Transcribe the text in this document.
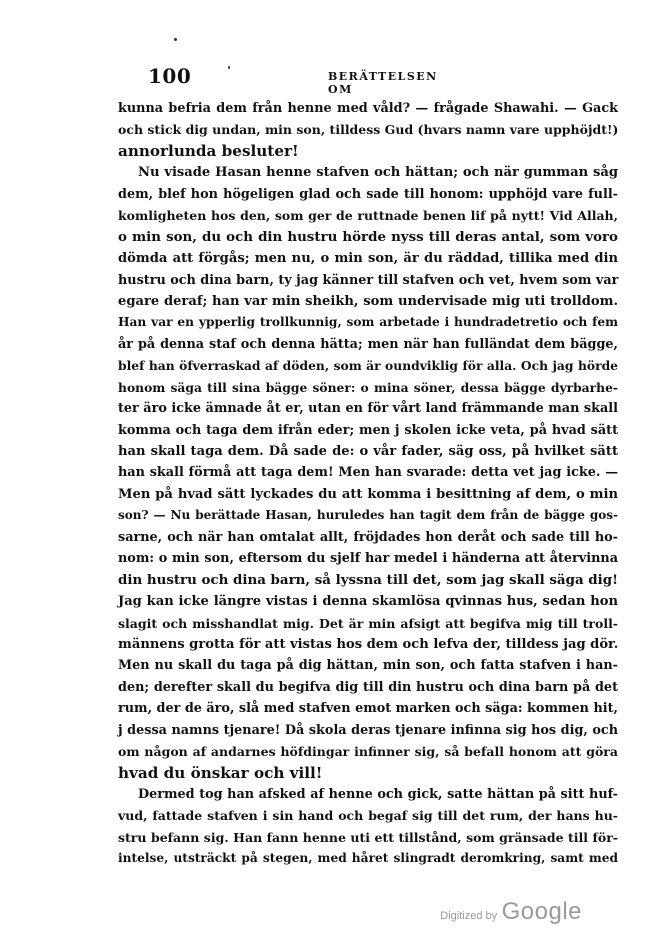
100	BERÄTTELSEN OM
kunna befria dem från henne med våld? — frågade Shawahi. — Gack
och stick dig undan, min son, tilldess Gud (hvars namn vare upphöjdt!)
annorlunda besluter!
Nu visade Hasan henne stafven och hättan; och när gumman såg
dem, blef hon högeligen glad och sade till honom: upphöjd vare full-
komligheten hos den, som ger de ruttnade benen lif på nytt! Vid Allah,
o min son, du och din hustru hörde nyss till deras antal, som voro
dömda att förgås; men nu, o min son, är du räddad, tillika med din
hustru och dina barn, ty jag känner till stafven och vet, hvem som var
egare deraf; han var min sheikh, som undervisade mig uti trolldom.
Han var en ypperlig trollkunnig, som arbetade i hundradetretio och fem
år på denna staf och denna hätta; men när han fulländat dem bägge,
blef han öfverraskad af döden, som är oundviklig för alla. Och jag hörde
honom säga till sina bägge söner: o mina söner, dessa bägge dyrbarhe-
ter äro icke ämnade åt er, utan en för vårt land främmande man skall
komma och taga dem ifrån eder; men j skolen icke veta, på hvad sätt
han skall taga dem. Då sade de: o vår fader, säg oss, på hvilket sätt
han skall förmå att taga dem! Men han svarade: detta vet jag icke. —
Men på hvad sätt lyckades du att komma i besittning af dem, o min
son? — Nu berättade Hasan, huruledes han tagit dem från de bägge gos-
sarne, och när han omtalat allt, fröjdades hon deråt och sade till ho-
nom: o min son, eftersom du sjelf har medel i händerna att återvinna
din hustru och dina barn, så lyssna till det, som jag skall säga dig!
Jag kan icke längre vistas i denna skamlösa qvinnas hus, sedan hon
slagit och misshandlat mig. Det är min afsigt att begifva mig till troll-
männens grotta för att vistas hos dem och lefva der, tilldess jag dör.
Men nu skall du taga på dig hättan, min son, och fatta stafven i han-
den; derefter skall du begifva dig till din hustru och dina barn på det
rum, der de äro, slå med stafven emot marken och säga: kommen hit,
j dessa namns tjenare! Då skola deras tjenare infinna sig hos dig, och
om någon af andarnes höfdingar infinner sig, så befall honom att göra
hvad du önskar och vill!
Dermed tog han afsked af henne och gick, satte hättan på sitt huf-
vud, fattade stafven i sin hand och begaf sig till det rum, der hans hu-
stru befann sig. Han fann henne uti ett tillstånd, som gränsade till för-
intelse, utsträckt på stegen, med håret slingradt deromkring, samt med
Digitized by Google
